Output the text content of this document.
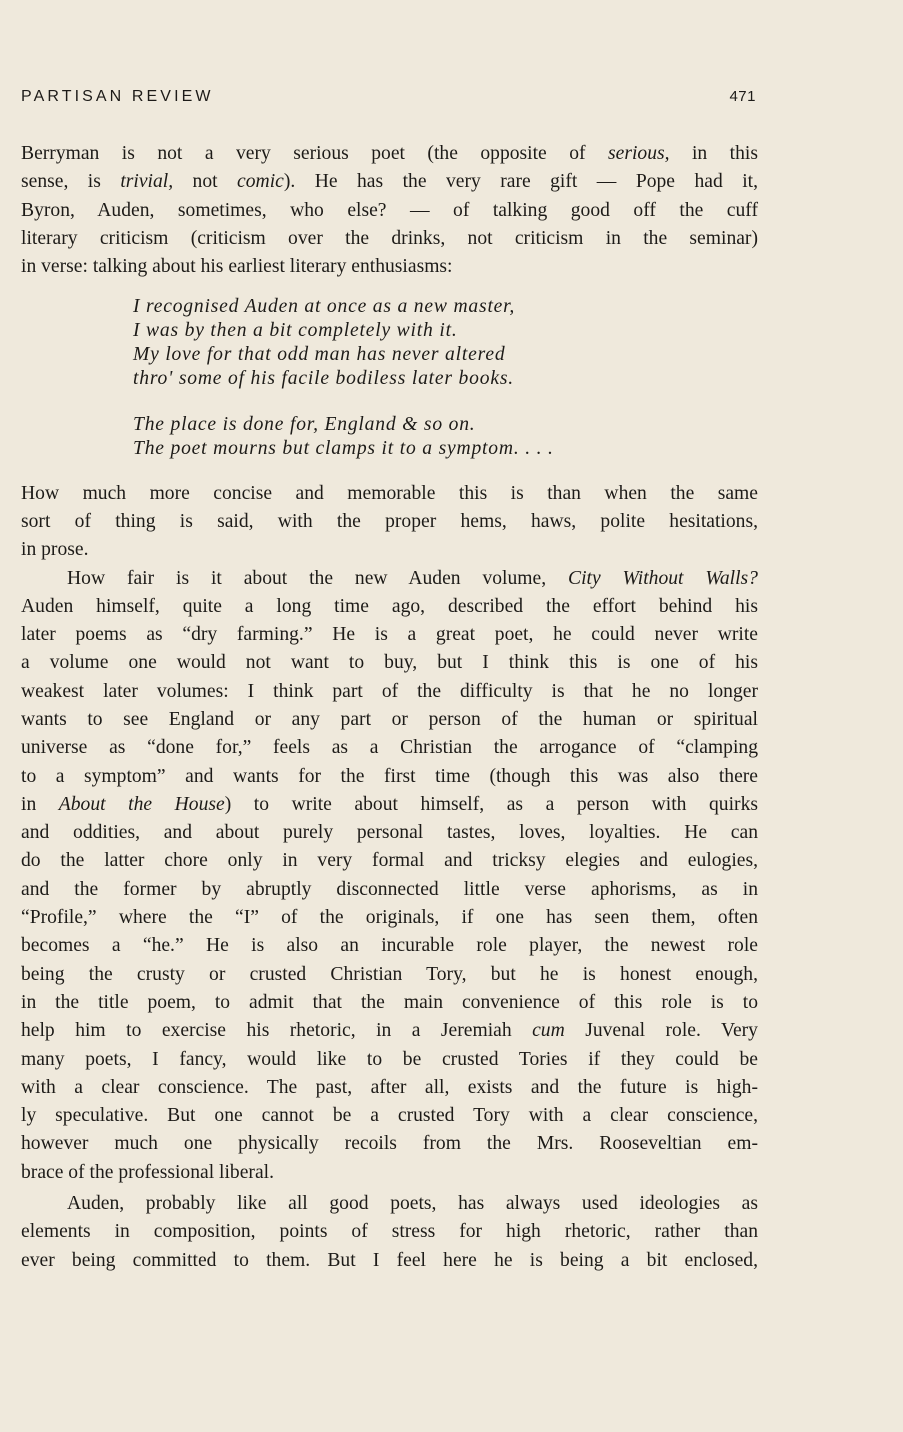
PARTISAN REVIEW	471
Berryman is not a very serious poet (the opposite of serious, in this
sense, is trivial, not comic). He has the very rare gift — Pope had it,
Byron, Auden, sometimes, who else? — of talking good off the cuff
literary criticism (criticism over the drinks, not criticism in the seminar)
in verse: talking about his earliest literary enthusiasms:
I recognised Auden at once as a new master,
I was by then a bit completely with it.
My love for that odd man has never altered
thro' some of his facile bodiless later books.
The place is done for, England & so on.
The poet mourns but clamps it to a symptom. . . .
How much more concise and memorable this is than when the same
sort of thing is said, with the proper hems, haws, polite hesitations,
in prose.
How fair is it about the new Auden volume, City Without Walls?
Auden himself, quite a long time ago, described the effort behind his
later poems as “dry farming.” He is a great poet, he could never write
a volume one would not want to buy, but I think this is one of his
weakest later volumes: I think part of the difficulty is that he no longer
wants to see England or any part or person of the human or spiritual
universe as “done for,” feels as a Christian the arrogance of “clamping
to a symptom” and wants for the first time (though this was also there
in About the House) to write about himself, as a person with quirks
and oddities, and about purely personal tastes, loves, loyalties. He can
do the latter chore only in very formal and tricksy elegies and eulogies,
and the former by abruptly disconnected little verse aphorisms, as in
“Profile,” where the “I” of the originals, if one has seen them, often
becomes a “he.” He is also an incurable role player, the newest role
being the crusty or crusted Christian Tory, but he is honest enough,
in the title poem, to admit that the main convenience of this role is to
help him to exercise his rhetoric, in a Jeremiah cum Juvenal role. Very
many poets, I fancy, would like to be crusted Tories if they could be
with a clear conscience. The past, after all, exists and the future is high-
ly speculative. But one cannot be a crusted Tory with a clear conscience,
however much one physically recoils from the Mrs. Rooseveltian em-
brace of the professional liberal.
Auden, probably like all good poets, has always used ideologies as
elements in composition, points of stress for high rhetoric, rather than
ever being committed to them. But I feel here he is being a bit enclosed,
